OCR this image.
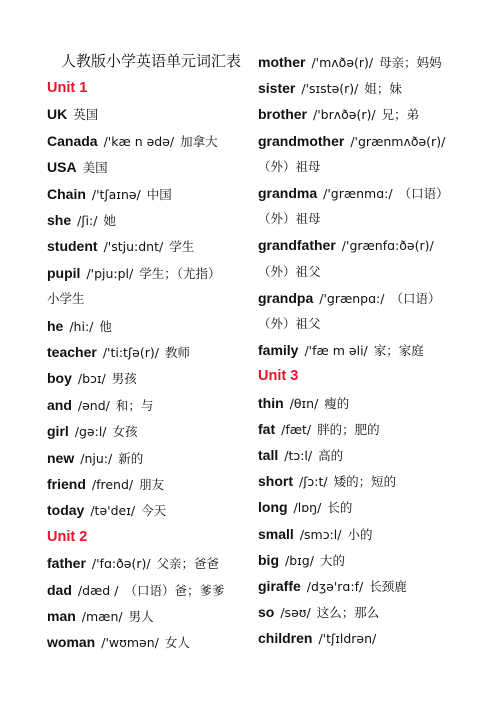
人教版小学英语单元词汇表
Unit 1
UK 英国
Canada /'kæ n ədə/ 加拿大
USA 美国
Chain /'tʃaɪnə/ 中国
she /ʃi:/ 她
student /'stju:dnt/ 学生
pupil /'pju:pl/ 学生；（尤指）
小学生
he /hi:/ 他
teacher /'ti:tʃə(r)/ 教师
boy /bɔɪ/ 男孩
and /ənd/ 和；与
girl /gə:l/ 女孩
new /nju:/ 新的
friend /frend/ 朋友
today /tə'deɪ/ 今天
Unit 2
father /'fɑ:ðə(r)/ 父亲；爸爸
dad /dæd / （口语）爸；爹爹
man /mæn/ 男人
woman /'wʊmən/ 女人
mother /'mʌðə(r)/ 母亲；妈妈
sister /'sɪstə(r)/ 姐；妹
brother /'brʌðə(r)/ 兄；弟
grandmother /'grænmʌðə(r)/
（外）祖母
grandma /'grænmɑ:/ （口语）
（外）祖母
grandfather /'grænfɑ:ðə(r)/
（外）祖父
grandpa /'grænpɑ:/ （口语）
（外）祖父
family /'fæ m əli/ 家；家庭
Unit 3
thin /θɪn/ 瘦的
fat /fæt/ 胖的；肥的
tall /tɔ:l/ 高的
short /ʃɔ:t/ 矮的；短的
long /lɒŋ/ 长的
small /smɔ:l/ 小的
big /bɪg/ 大的
giraffe /dʒə'rɑ:f/ 长颈鹿
so /səʊ/ 这么；那么
children /'tʃɪldrən/
